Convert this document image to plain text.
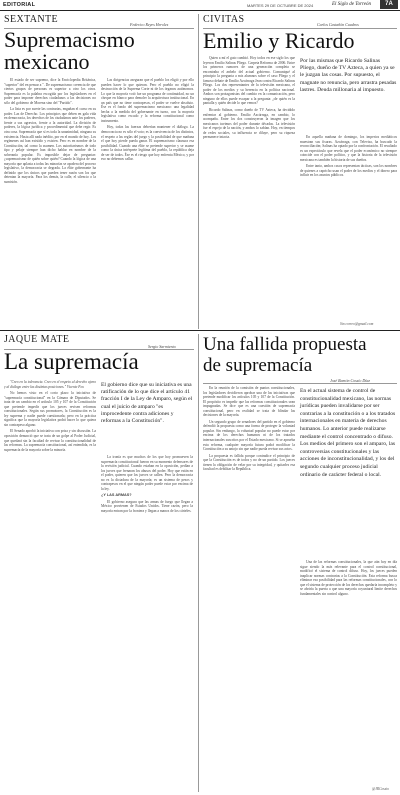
EDITORIAL	MARTES 29 DE OCTUBRE DE 2024	El Siglo de Torreón	7A
SEXTANTE	Federico Reyes Heroles
Supremacismo
mexicano

El estado de ser supremo, dice la Enciclopedia Británica, "superior" del en pensar a ". De supremacismo: creencia de que ciertos grupos de personas es superior a otro los otros. Supremacía es la palabra escogida por los legisladores en el poder para imponer derechos ciudadanos a las decisiones no sólo del gobierno de Morena sino del "Partido".

La lista es por suerte las contrarias, engañan el curso en su poder. Las de Derecho. Los principios que deben en gala vida en democracia, los derechos de los ciudadanos ante los poderes, frente a sus agravios, frente a la autoridad. La división de poderes, la lógica jurídica y procedimental que debe regir. Es otra cosa. Supremacía que sí es toda la unanimidad, ninguna su existencia. Hasta allí nada inédito, por en el mundo de hoy. Los regímenes así han existido y existen. Pero es en nombre de la Constitución, tal como la asumen. Los autoritarismos de todo tipo y pelaje siempre han dicho hablar en nombre de la soberanía popular. Es imposible dejar de preguntar: ¿supremacismo de quién sobre quién? Cuando la lógica de una mayoría que aplasta a todas las minorías se apodera del proceso legislativo, la democracia se degrada. La élite gobernante ha definido que los únicos que pueden tener razón son los que detentan la mayoría. Para los demás, la calle, el silencio o la sumisión.

Las dirigencias aseguran que el pueblo los eligió y por ello pueden hacer lo que quieran. Pero el pueblo no eligió la destrucción de la Suprema Corte ni de los órganos autónomos. Lo que la mayoría votó fue un programa de continuidad, no un cheque en blanco para demoler la arquitectura institucional. En un país que no tiene contrapesos, el poder se vuelve absoluto. Ése es el fondo del supremacismo mexicano: una legalidad hecha a la medida del gobernante en turno, con la mayoría legislativa como escudo y la reforma constitucional como instrumento.

Hoy, todas las fuerzas deberían mantener el diálogo. La democracia no es sólo el voto; es la convivencia de los distintos, el respeto a las reglas del juego y la posibilidad de que mañana el que hoy pierde pueda ganar. El supremacismo clausura esa posibilidad. Cuando una élite se pretende superior y se asume como la única intérprete legítima del pueblo, la república deja de ser de todos. Ése es el riesgo que hoy enfrenta México, y por eso no debemos callar.

CIVITAS	Carlos Castañón Cuadros
Emilio y Ricardo

Quien a mí el gato cambió. Hoy todos en ese siglo los que leyeron Emilio Salinas Pliego. Carpeta Reforma de 2006. Entre los primeros rumores de una generación completa se encontraba el anhelo del actual gobierno. Comuniqué al principio la pregunta a mis alumnos sobre el caso Pliego y el famoso debate de Emilio Azcárraga Jean contra Ricardo Salinas Pliego. Los dos representantes de la televisión mexicana, el poder de los medios y su herencia en la política nacional. Ambos son protagonistas del cambio en la comunicación, pero ninguno de ellos puede escapar a la pregunta: ¿de quién es la pantalla y quién decide lo que vemos?

Ricardo Salinas, como dueño de TV Azteca, ha decidido enfrentar al gobierno. Emilio Azcárraga, en cambio, lo acompaña. Entre los dos construyeron la imagen que los mexicanos tuvimos del poder durante décadas. La televisión fue el espejo de la nación, y ambos lo sabían. Hoy, en tiempos de redes sociales, su influencia se diluye, pero su riqueza permanece intacta.

Por las mismas que Ricardo Salinas Pliego, dueño de TV Azteca, a quien ya se le juzgan las cosas. Por supuesto, el magnate no renuncia, pero arrastra pesadas lastres. Deuda millonaria al impuesto.

En aquella mañana de domingo, los imperios mediáticos muestran sus fisuras. Azcárraga, con Televisa, ha buscado la reconciliación; Salinas ha optado por la confrontación. El resultado es un espectáculo que revela que el poder económico no siempre coincide con el poder político, y que la historia de la televisión mexicana es también la historia de sus dueños.

Entre tanto, ambos casos representan tácticas, son los nombres de quienes a capricho usan el poder de los medios y el dinero para influir en los asuntos públicos.

Sin correo@gmail.com
JAQUE MATE
Sergio Sarmiento
La supremacía

"Creo en la tolerancia. Creo en el respeto al derecho ajeno y al diálogo entre las distintas posiciones." Vicente Fox

No hemos visto en el corto plazo la iniciativa de "supremacía constitucional" en la Cámara de Diputados. Se trata de un cambio en el artículo 105 y 107 de la Constitución que pretende impedir que los jueces revisen reformas constitucionales. Según sus promotores, la Constitución es la ley suprema y nadie puede cuestionarla; pero en la práctica significa que la mayoría legislativa podrá hacer lo que quiera sin contrapeso alguno.

El Senado aprobó la iniciativa con prisa y sin discusión. La oposición denunció que se trata de un golpe al Poder Judicial, que quedará sin la facultad de revisar la constitucionalidad de las reformas. La supremacía constitucional, así entendida, es la supremacía de la mayoría sobre la minoría.

El gobierno dice que su iniciativa es una ratificación de lo que dice el artículo 41 fracción I de la Ley de Amparo, según el cual el juicio de amparo "es improcedente contra adiciones y reformas a la Constitución".

La ironía es que muchos de los que hoy promueven la supremacía constitucional fueron en su momento defensores de la revisión judicial. Cuando estaban en la oposición, pedían a los jueces que frenaran los abusos del poder. Hoy que están en el poder, quieren que los jueces se callen. Pero la democracia no es la dictadura de la mayoría; es un sistema de pesos y contrapesos en el que ningún poder puede estar por encima de la ley.

¿Y LAS ARMAS?

El gobierno asegura que las armas de fuego que llegan a México provienen de Estados Unidos. Tiene razón, pero la mayoría entran por la frontera y llegan a manos de los cárteles.

Una fallida propuesta
de supremacía
José Ramón Cossío Díaz

En la reunión de la comisión de puntos constitucionales, los legisladores decidieron aprobar una de las iniciativas que pretende modificar los artículos 105 y 107 de la Constitución. El propósito es impedir que las reformas constitucionales sean impugnadas. Se dice que es una cuestión de supremacía constitucional, pero en realidad se trata de blindar las decisiones de la mayoría.

Un segundo grupo de senadores del partido en el gobierno defendió la propuesta como una forma de proteger la voluntad popular. Sin embargo, la voluntad popular no puede estar por encima de los derechos humanos ni de los tratados internacionales suscritos por el Estado mexicano. Si se aprueba esta reforma, cualquier mayoría futura podrá modificar la Constitución a su antojo sin que nadie pueda revisar sus actos.

La propuesta es fallida porque contradice el principio de que la Constitución es de todos y no de un partido. Los jueces tienen la obligación de velar por su integridad, y quitarles esa facultad es debilitar la República.

En el actual sistema de control de constitucionalidad mexicano, las normas jurídicas pueden invalidarse por ser contrarias a la constitución o a los tratados internacionales en materia de derechos humanos. Lo anterior puede realizarse mediante el control concentrado o difuso. Los medios del primero son el amparo, las controversias constitucionales y las acciones de inconstitucionalidad, y los del segundo cualquier proceso judicial ordinario de carácter federal o local.

Una de las reformas constitucionales, la que aún hoy en día sigue siendo la más relevante para el control constitucional, modificó el sistema de control difuso. Hoy, los jueces pueden inaplicar normas contrarias a la Constitución. Esta reforma busca eliminar esa posibilidad para las reformas constitucionales, con lo que el sistema de protección de los derechos quedaría incompleto y se abriría la puerta a que una mayoría coyuntural limite derechos fundamentales sin control alguno.

@JRCossio
